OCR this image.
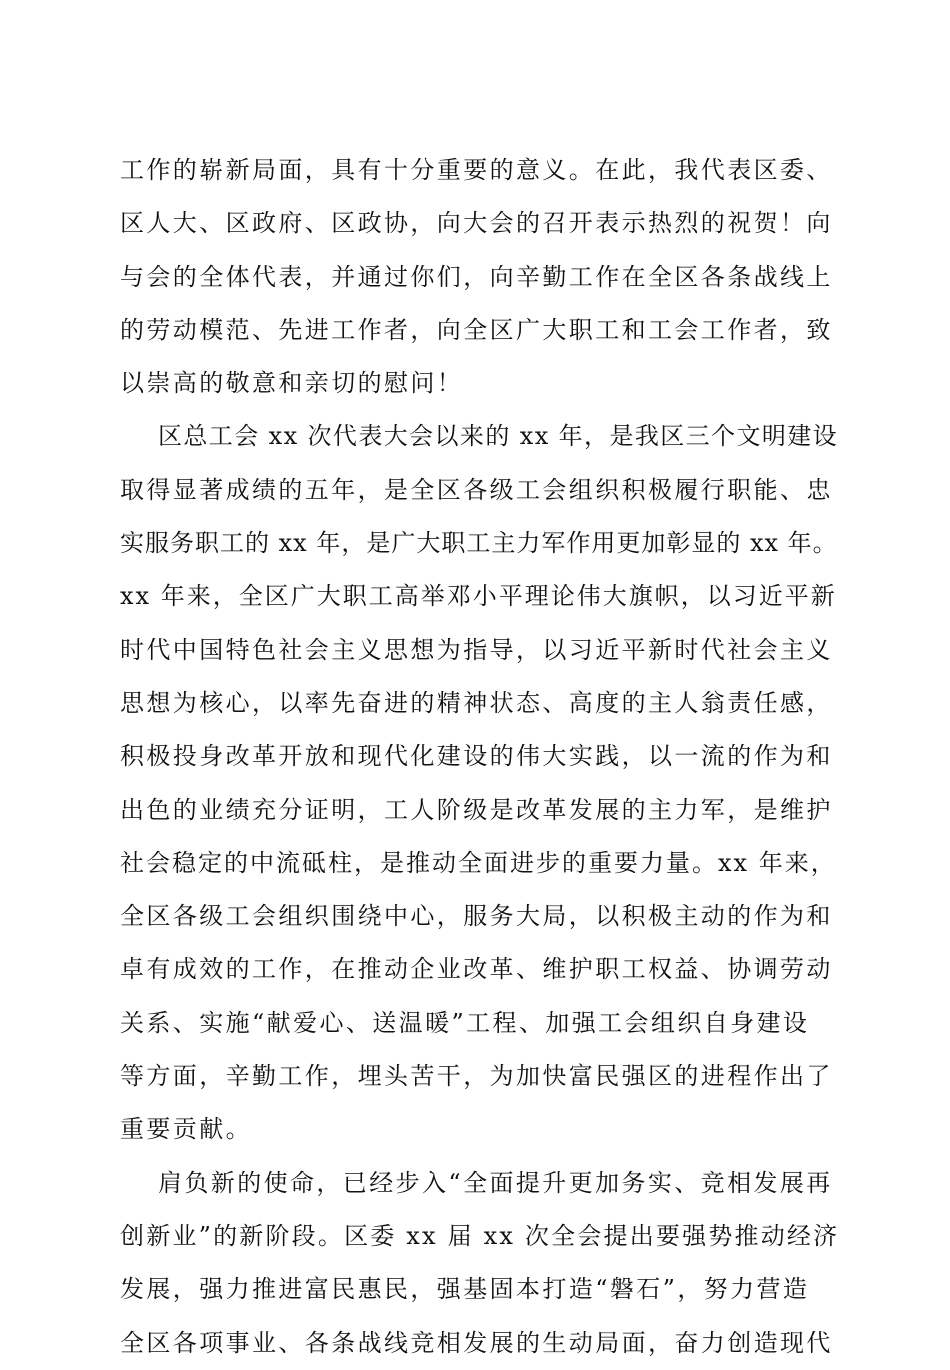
工作的崭新局面，具有十分重要的意义。在此，我代表区委、
区人大、区政府、区政协，向大会的召开表示热烈的祝贺！向
与会的全体代表，并通过你们，向辛勤工作在全区各条战线上
的劳动模范、先进工作者，向全区广大职工和工会工作者，致
以崇高的敬意和亲切的慰问！
区总工会 xx 次代表大会以来的 xx 年，是我区三个文明建设
取得显著成绩的五年，是全区各级工会组织积极履行职能、忠
实服务职工的 xx 年，是广大职工主力军作用更加彰显的 xx 年。
xx 年来，全区广大职工高举邓小平理论伟大旗帜，以习近平新
时代中国特色社会主义思想为指导，以习近平新时代社会主义
思想为核心，以率先奋进的精神状态、高度的主人翁责任感，
积极投身改革开放和现代化建设的伟大实践，以一流的作为和
出色的业绩充分证明，工人阶级是改革发展的主力军，是维护
社会稳定的中流砥柱，是推动全面进步的重要力量。xx 年来，
全区各级工会组织围绕中心，服务大局，以积极主动的作为和
卓有成效的工作，在推动企业改革、维护职工权益、协调劳动
关系、实施“献爱心、送温暖”工程、加强工会组织自身建设
等方面，辛勤工作，埋头苦干，为加快富民强区的进程作出了
重要贡献。
肩负新的使命，已经步入“全面提升更加务实、竞相发展再
创新业”的新阶段。区委 xx 届 xx 次全会提出要强势推动经济
发展，强力推进富民惠民，强基固本打造“磐石”，努力营造
全区各项事业、各条战线竞相发展的生动局面，奋力创造现代
